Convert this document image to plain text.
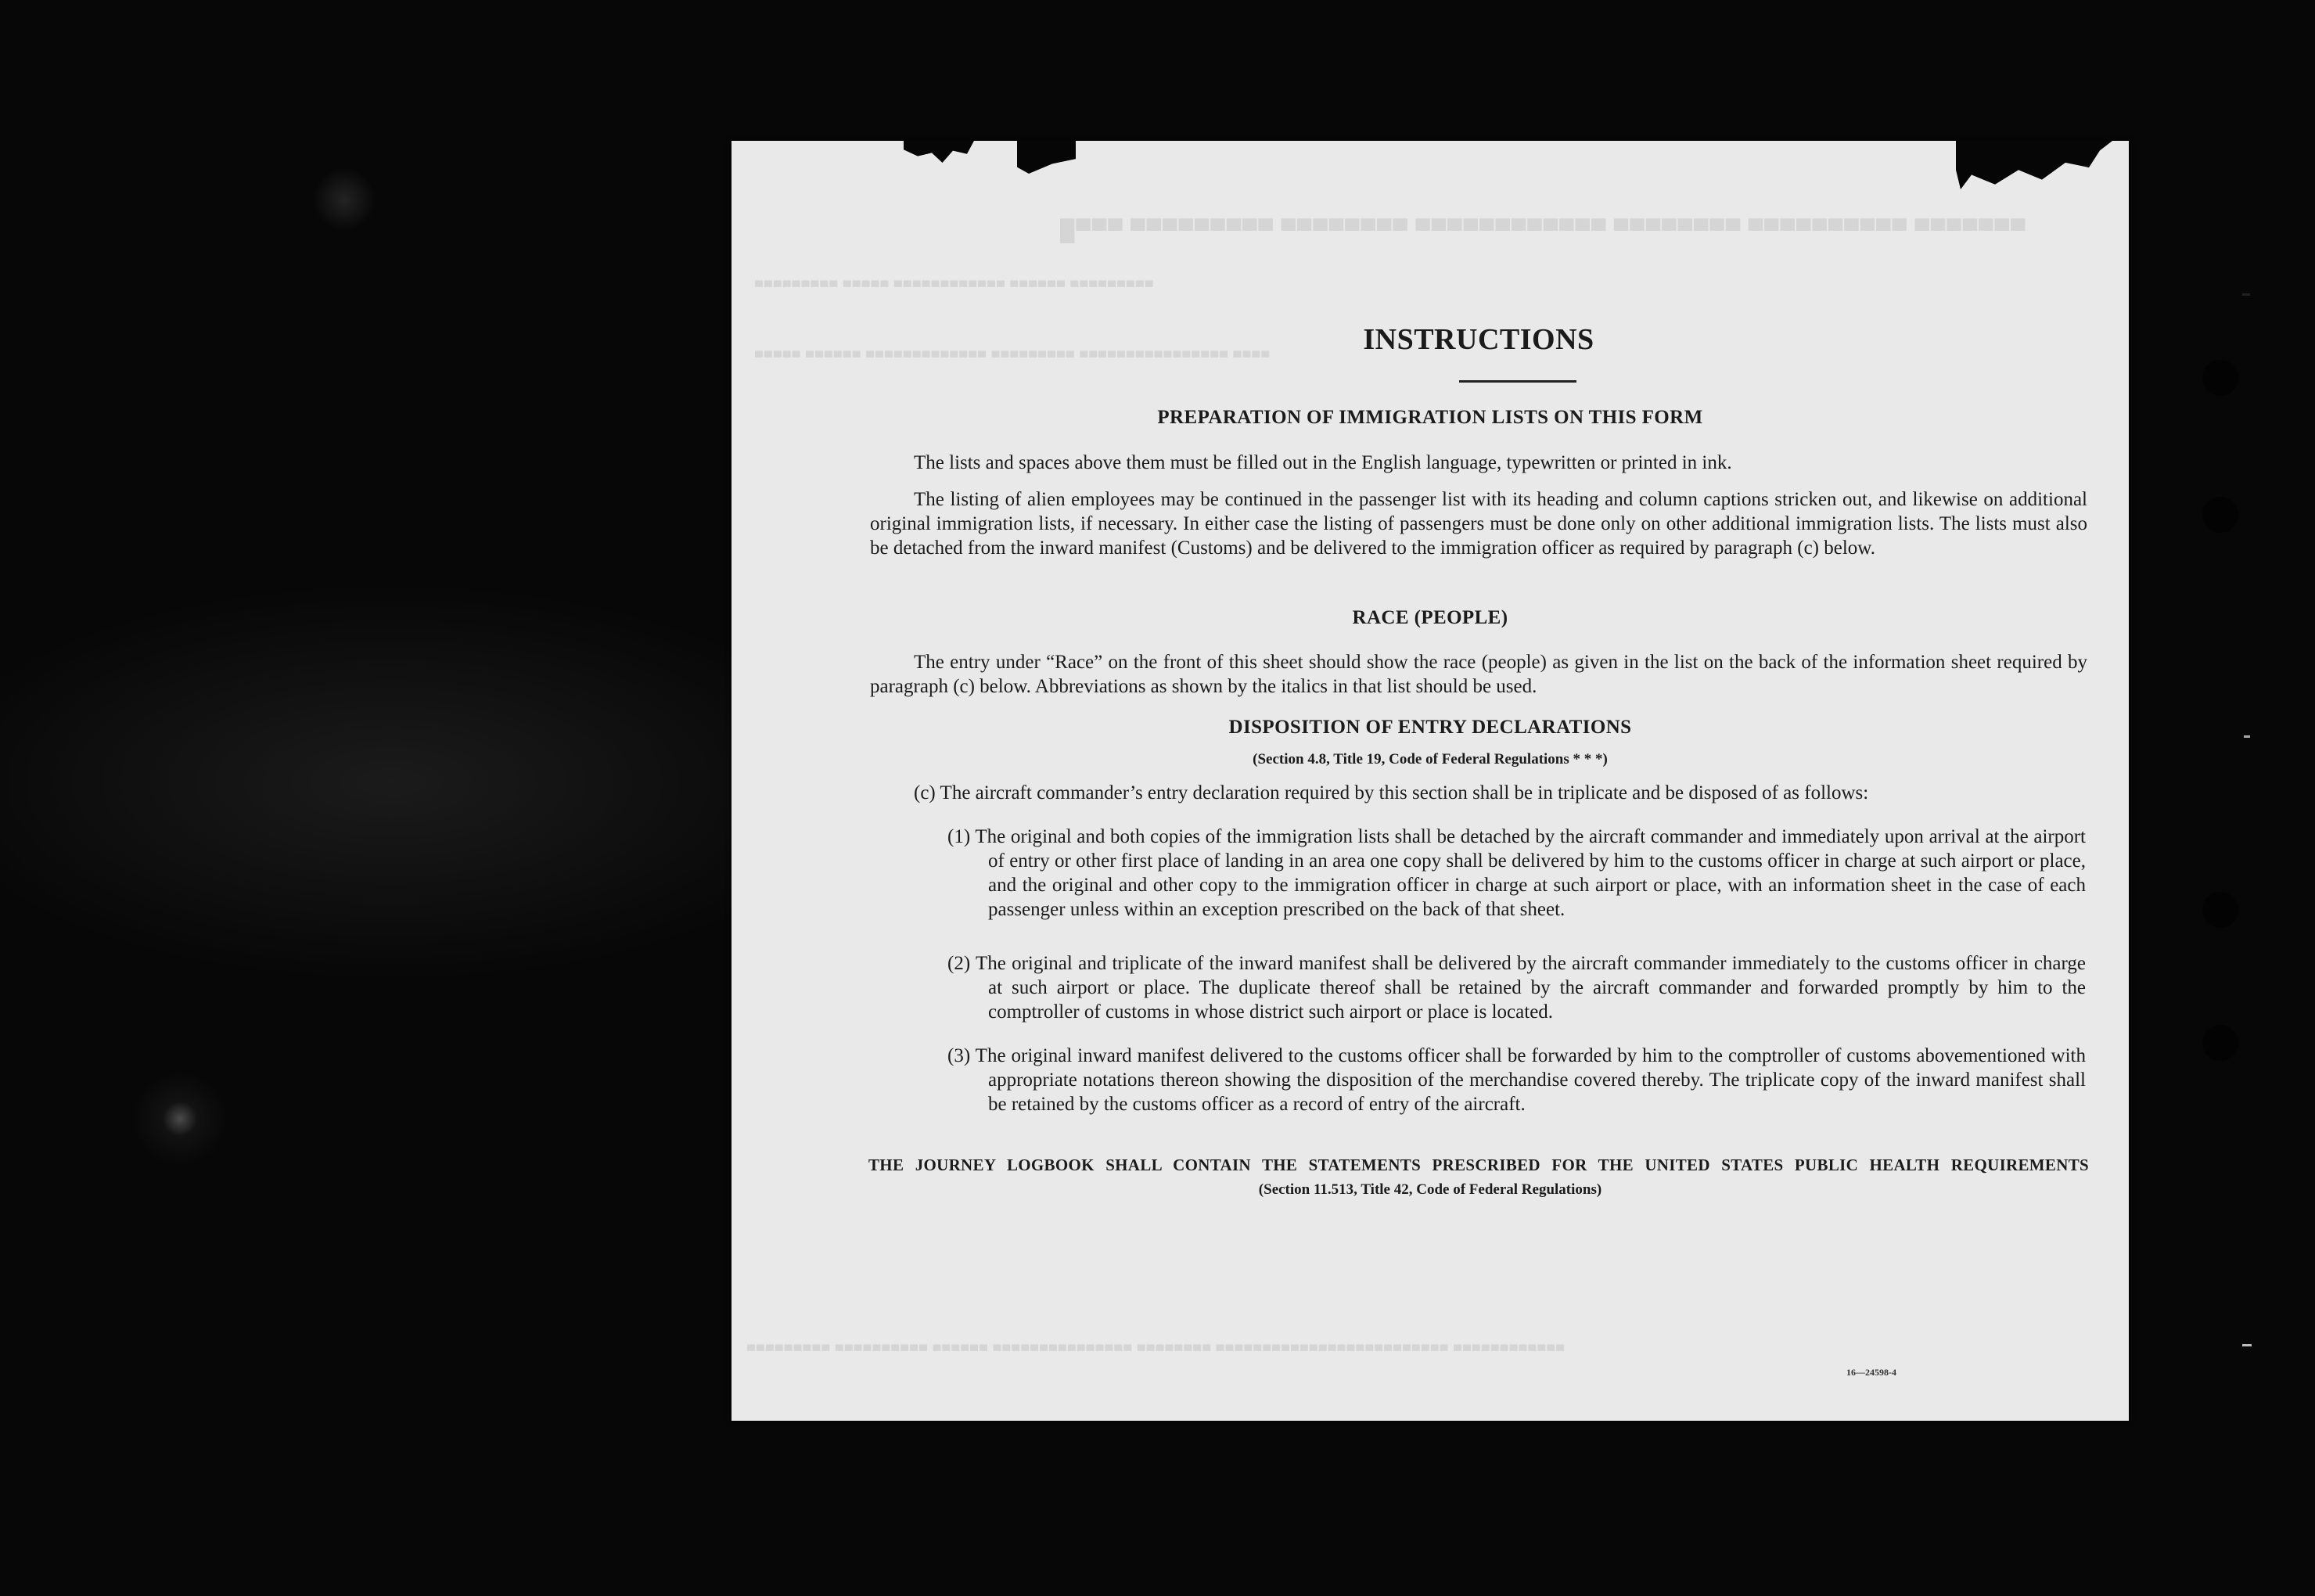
█▀▀▀ ▀▀▀▀▀▀▀▀▀ ▀▀▀▀▀▀▀▀ ▀▀▀▀▀▀▀▀▀▀▀▀ ▀▀▀▀▀▀▀▀ ▀▀▀▀▀▀▀▀▀▀ ▀▀▀▀▀▀▀
▀▀▀▀▀▀▀▀▀ ▀▀▀▀▀ ▀▀▀▀▀▀▀▀▀▀▀▀ ▀▀▀▀▀▀ ▀▀▀▀▀▀▀▀▀
▀▀▀▀▀ ▀▀▀▀▀▀ ▀▀▀▀▀▀▀▀▀▀▀▀▀ ▀▀▀▀▀▀▀▀▀ ▀▀▀▀▀▀▀▀▀▀▀▀▀▀▀▀ ▀▀▀▀
▀▀▀▀▀▀▀▀▀ ▀▀▀▀▀▀▀▀▀▀ ▀▀▀▀▀▀ ▀▀▀▀▀▀▀▀▀▀▀▀▀▀▀ ▀▀▀▀▀▀▀▀ ▀▀▀▀▀▀▀▀▀▀▀▀▀▀▀▀▀▀▀▀▀▀▀▀▀ ▀▀▀▀▀▀▀▀▀▀▀▀
INSTRUCTIONS
PREPARATION OF IMMIGRATION LISTS ON THIS FORM

The lists and spaces above them must be filled out in the English language, typewritten or printed in ink.

The listing of alien employees may be continued in the passenger list with its heading and column captions stricken out, and likewise on additional original immigration lists, if necessary. In either case the listing of passengers must be done only on other additional immigration lists. The lists must also be detached from the inward manifest (Customs) and be delivered to the immigration officer as required by paragraph (c) below.

RACE (PEOPLE)

The entry under “Race” on the front of this sheet should show the race (people) as given in the list on the back of the information sheet required by paragraph (c) below. Abbreviations as shown by the italics in that list should be used.

DISPOSITION OF ENTRY DECLARATIONS

(Section 4.8, Title 19, Code of Federal Regulations * * *)

(c) The aircraft commander’s entry declaration required by this section shall be in triplicate and be disposed of as follows:

(1) The original and both copies of the immigration lists shall be detached by the aircraft commander and immediately upon arrival at the airport of entry or other first place of landing in an area one copy shall be delivered by him to the customs officer in charge at such airport or place, and the original and other copy to the immigration officer in charge at such airport or place, with an information sheet in the case of each passenger unless within an exception prescribed on the back of that sheet.

(2) The original and triplicate of the inward manifest shall be delivered by the aircraft commander immediately to the customs officer in charge at such airport or place. The duplicate thereof shall be retained by the aircraft commander and forwarded promptly by him to the comptroller of customs in whose district such airport or place is located.

(3) The original inward manifest delivered to the customs officer shall be forwarded by him to the comptroller of customs abovementioned with appropriate notations thereon showing the disposition of the merchandise covered thereby. The triplicate copy of the inward manifest shall be retained by the customs officer as a record of entry of the aircraft.

THE JOURNEY LOGBOOK SHALL CONTAIN THE STATEMENTS PRESCRIBED FOR THE UNITED STATES PUBLIC HEALTH REQUIREMENTS

(Section 11.513, Title 42, Code of Federal Regulations)

16—24598-4
